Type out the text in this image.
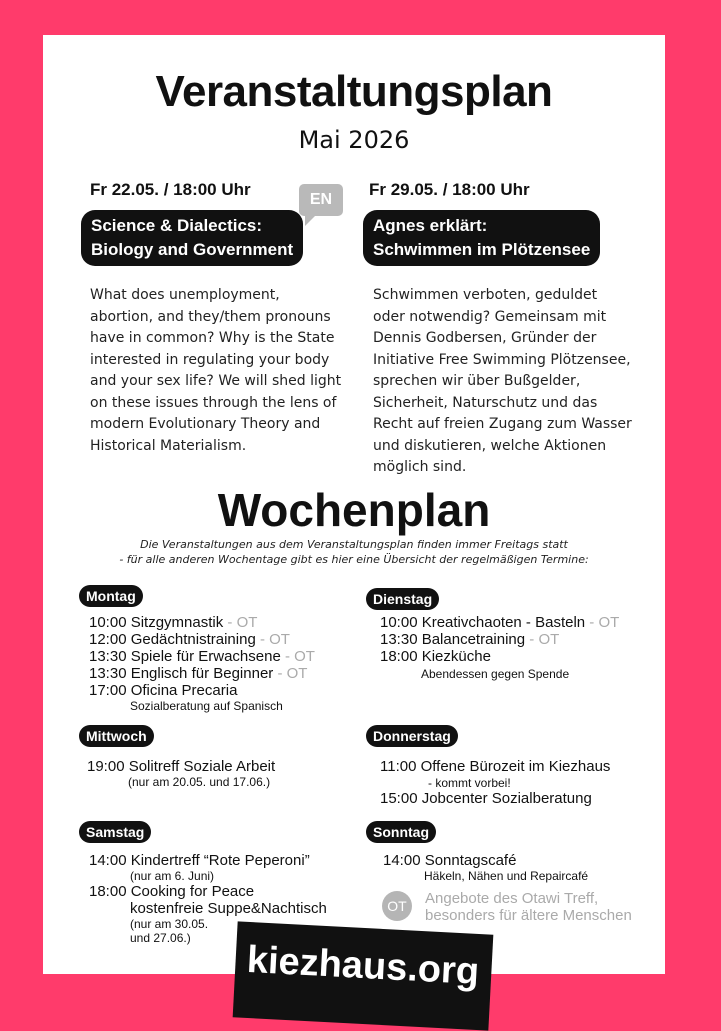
Veranstaltungsplan
Mai 2026
Fr 22.05. / 18:00 Uhr
EN
Science & Dialectics:
Biology and Government
What does unemployment,
abortion, and they/them pronouns
have in common? Why is the State
interested in regulating your body
and your sex life? We will shed light
on these issues through the lens of
modern Evolutionary Theory and
Historical Materialism.
Fr 29.05. / 18:00 Uhr
Agnes erklärt:
Schwimmen im Plötzensee
Schwimmen verboten, geduldet
oder notwendig? Gemeinsam mit
Dennis Godbersen, Gründer der
Initiative Free Swimming Plötzensee,
sprechen wir über Bußgelder,
Sicherheit, Naturschutz und das
Recht auf freien Zugang zum Wasser
und diskutieren, welche Aktionen
möglich sind.
Wochenplan
Die Veranstaltungen aus dem Veranstaltungsplan finden immer Freitags statt
- für alle anderen Wochentage gibt es hier eine Übersicht der regelmäßigen Termine:
Montag
10:00 Sitzgymnastik - OT
12:00 Gedächtnistraining - OT
13:30 Spiele für Erwachsene - OT
13:30 Englisch für Beginner - OT
17:00 Oficina Precaria
Sozialberatung auf Spanisch
Dienstag
10:00 Kreativchaoten - Basteln - OT
13:30 Balancetraining - OT
18:00 Kiezküche
Abendessen gegen Spende
Mittwoch
19:00 Solitreff Soziale Arbeit
(nur am 20.05. und 17.06.)
Donnerstag
11:00 Offene Bürozeit im Kiezhaus
- kommt vorbei!
15:00 Jobcenter Sozialberatung
Samstag
14:00 Kindertreff “Rote Peperoni”
(nur am 6. Juni)
18:00 Cooking for Peace
kostenfreie Suppe&Nachtisch
(nur am 30.05.
und 27.06.)
Sonntag
14:00 Sonntagscafé
Häkeln, Nähen und Repaircafé
OT	Angebote des Otawi Treff,
besonders für ältere Menschen
kiezhaus.org
